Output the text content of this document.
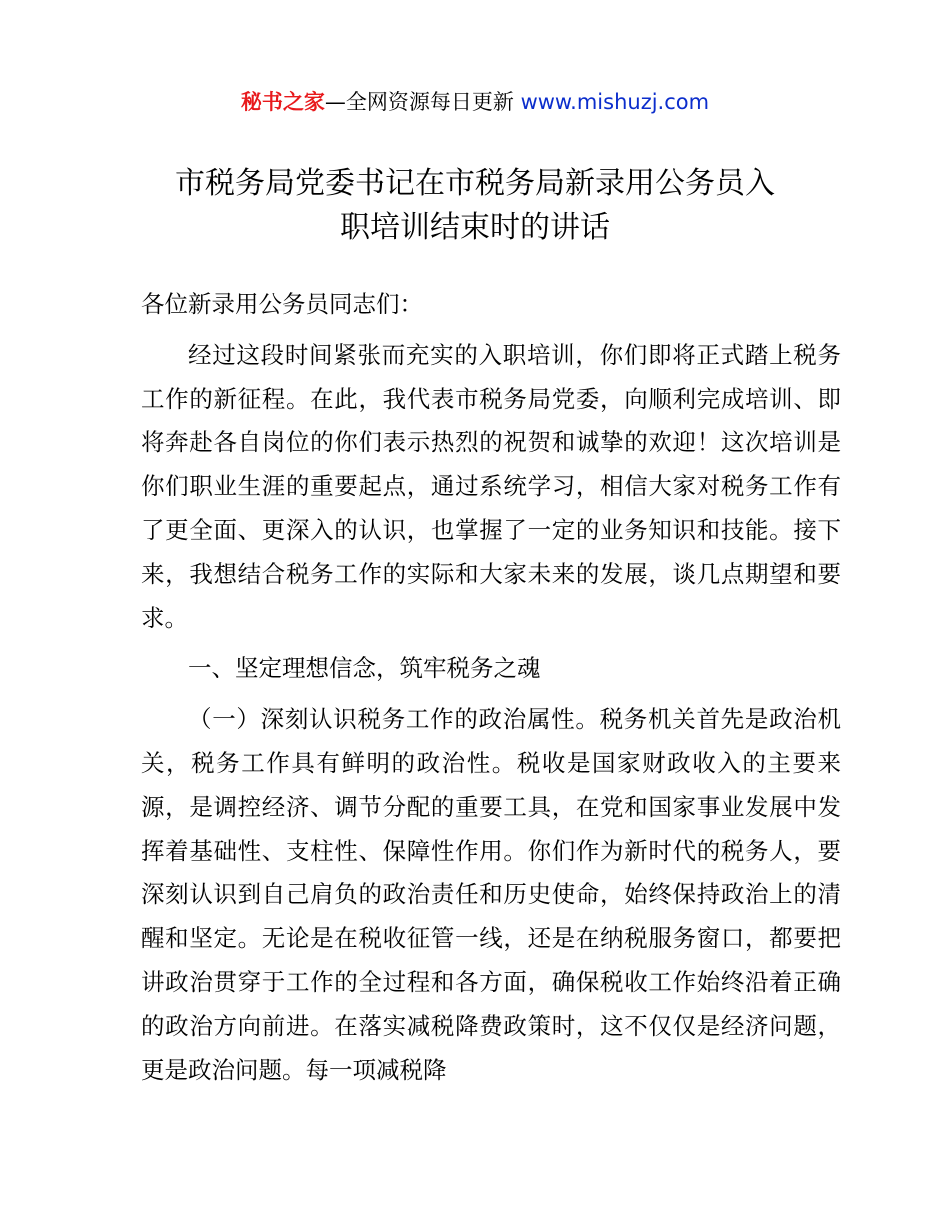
秘书之家—全网资源每日更新 www.mishuzj.com
市税务局党委书记在市税务局新录用公务员入
职培训结束时的讲话

各位新录用公务员同志们：

经过这段时间紧张而充实的入职培训，你们即将正式踏上税务工作的新征程。在此，我代表市税务局党委，向顺利完成培训、即将奔赴各自岗位的你们表示热烈的祝贺和诚挚的欢迎！这次培训是你们职业生涯的重要起点，通过系统学习，相信大家对税务工作有了更全面、更深入的认识，也掌握了一定的业务知识和技能。接下来，我想结合税务工作的实际和大家未来的发展，谈几点期望和要求。

一、坚定理想信念，筑牢税务之魂

（一）深刻认识税务工作的政治属性。税务机关首先是政治机关，税务工作具有鲜明的政治性。税收是国家财政收入的主要来源，是调控经济、调节分配的重要工具，在党和国家事业发展中发挥着基础性、支柱性、保障性作用。你们作为新时代的税务人，要深刻认识到自己肩负的政治责任和历史使命，始终保持政治上的清醒和坚定。无论是在税收征管一线，还是在纳税服务窗口，都要把讲政治贯穿于工作的全过程和各方面，确保税收工作始终沿着正确的政治方向前进。在落实减税降费政策时，这不仅仅是经济问题，更是政治问题。每一项减税降
